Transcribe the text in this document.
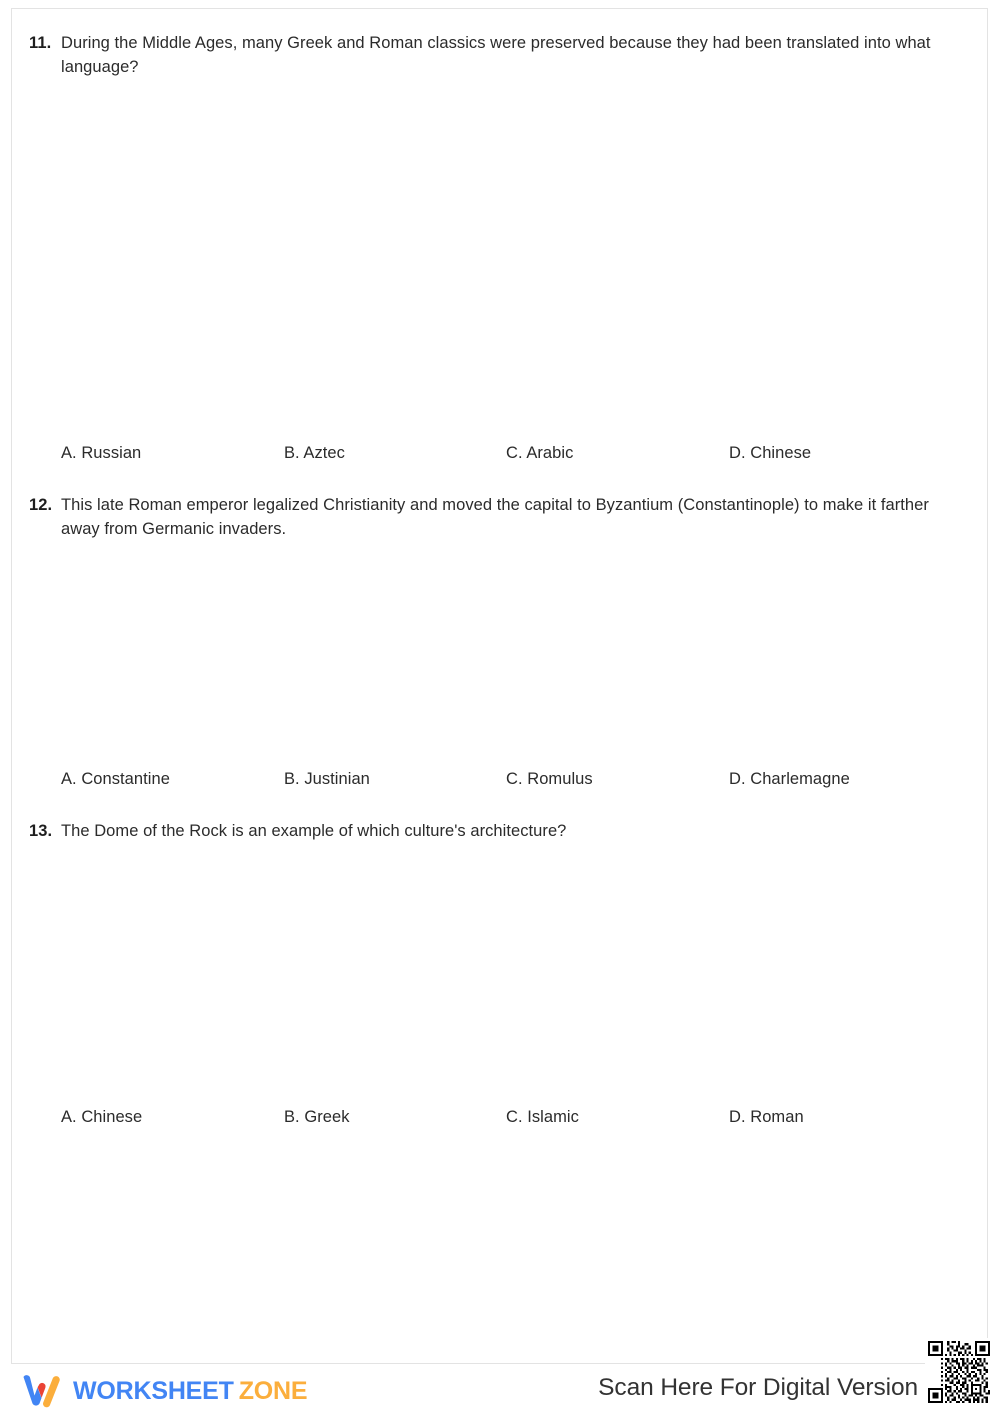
11. During the Middle Ages, many Greek and Roman classics were preserved because they had been translated into what language?
A. Russian	B. Aztec	C. Arabic	D. Chinese
12. This late Roman emperor legalized Christianity and moved the capital to Byzantium (Constantinople) to make it farther away from Germanic invaders.
A. Constantine	B. Justinian	C. Romulus	D. Charlemagne
13. The Dome of the Rock is an example of which culture's architecture?
A. Chinese	B. Greek	C. Islamic	D. Roman
WORKSHEET ZONE	Scan Here For Digital Version
